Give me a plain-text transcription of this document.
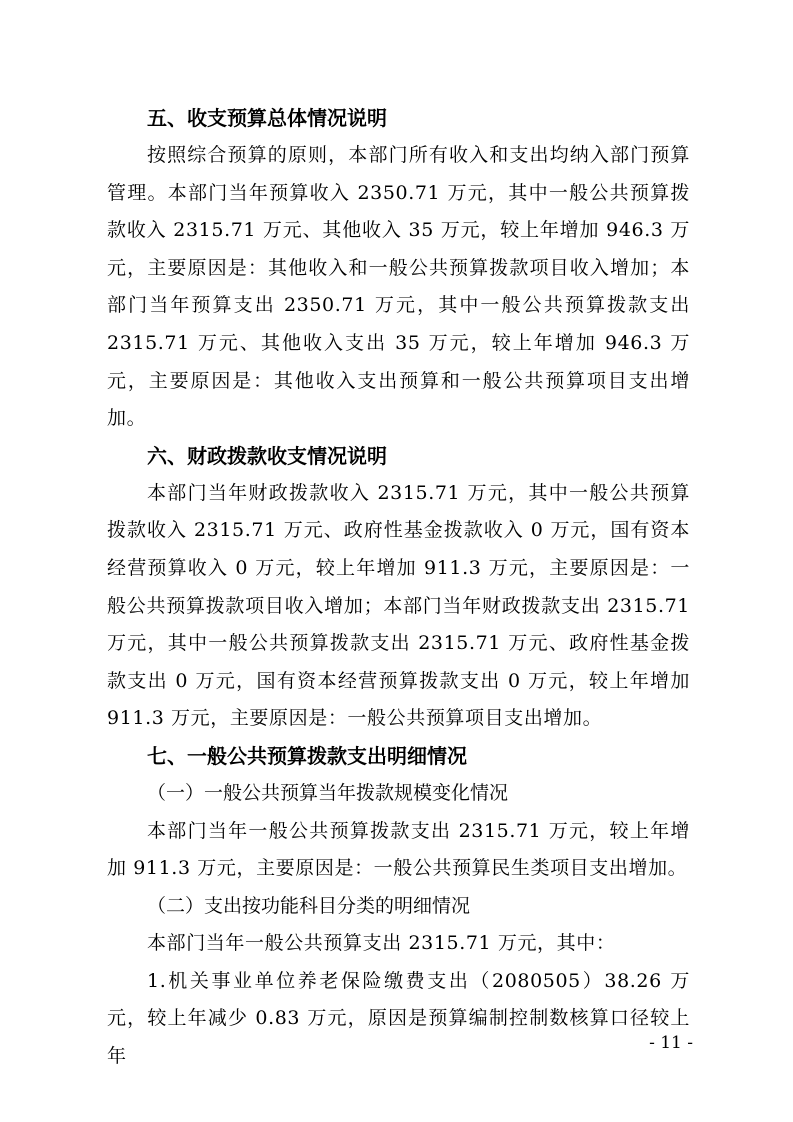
五、收支预算总体情况说明

按照综合预算的原则，本部门所有收入和支出均纳入部门预算管理。本部门当年预算收入 2350.71 万元，其中一般公共预算拨款收入 2315.71 万元、其他收入 35 万元，较上年增加 946.3 万元，主要原因是：其他收入和一般公共预算拨款项目收入增加；本部门当年预算支出 2350.71 万元，其中一般公共预算拨款支出 2315.71 万元、其他收入支出 35 万元，较上年增加 946.3 万元，主要原因是：其他收入支出预算和一般公共预算项目支出增加。

六、财政拨款收支情况说明

本部门当年财政拨款收入 2315.71 万元，其中一般公共预算拨款收入 2315.71 万元、政府性基金拨款收入 0 万元，国有资本经营预算收入 0 万元，较上年增加 911.3 万元，主要原因是：一般公共预算拨款项目收入增加；本部门当年财政拨款支出 2315.71 万元，其中一般公共预算拨款支出 2315.71 万元、政府性基金拨款支出 0 万元，国有资本经营预算拨款支出 0 万元，较上年增加 911.3 万元，主要原因是：一般公共预算项目支出增加。

七、一般公共预算拨款支出明细情况

（一）一般公共预算当年拨款规模变化情况

本部门当年一般公共预算拨款支出 2315.71 万元，较上年增加 911.3 万元，主要原因是：一般公共预算民生类项目支出增加。

（二）支出按功能科目分类的明细情况

本部门当年一般公共预算支出 2315.71 万元，其中：

1.机关事业单位养老保险缴费支出（2080505）38.26 万元，较上年减少 0.83 万元，原因是预算编制控制数核算口径较上年

- 11 -
